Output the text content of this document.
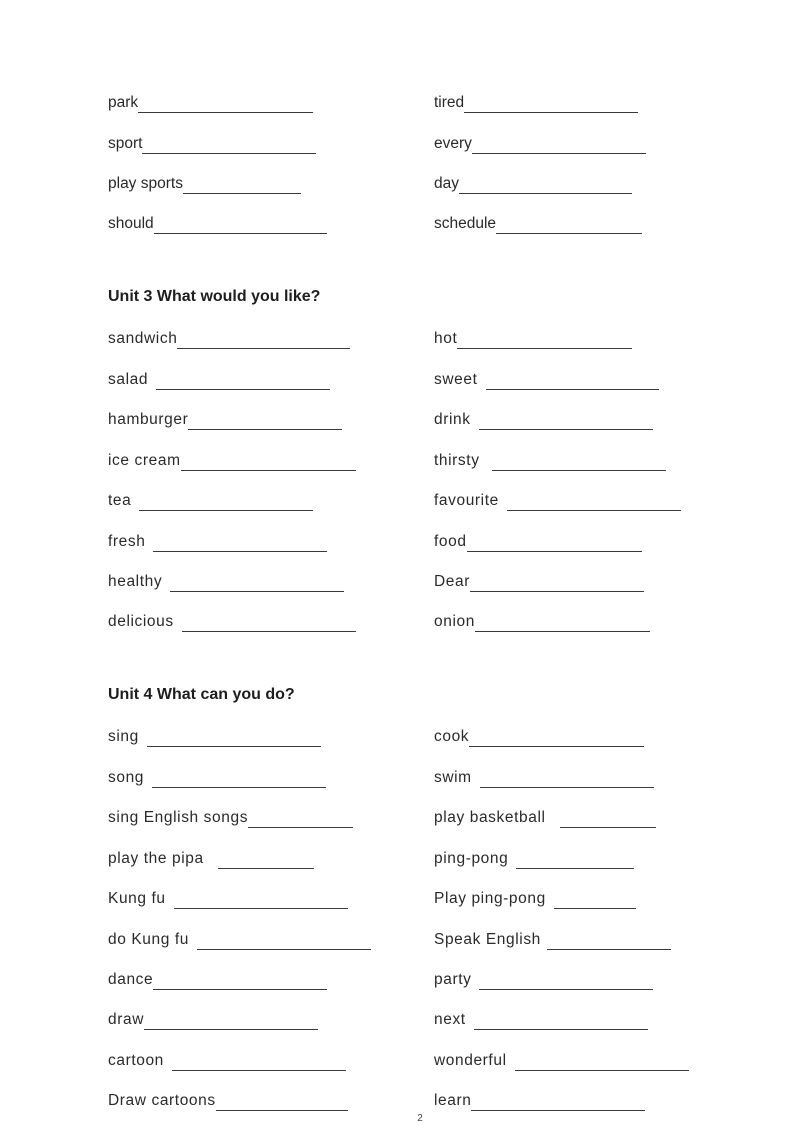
park	tired
sport	every
play sports	day
should	schedule
Unit 3 What would you like?
sandwich	hot
salad	sweet
hamburger	drink
ice cream	thirsty
tea	favourite
fresh	food
healthy	Dear
delicious	onion
Unit 4 What can you do?
sing	cook
song	swim
sing English songs	play basketball
play the pipa	ping-pong
Kung fu	Play ping-pong
do Kung fu	Speak English
dance	party
draw	next
cartoon	wonderful
Draw cartoons	learn
2
